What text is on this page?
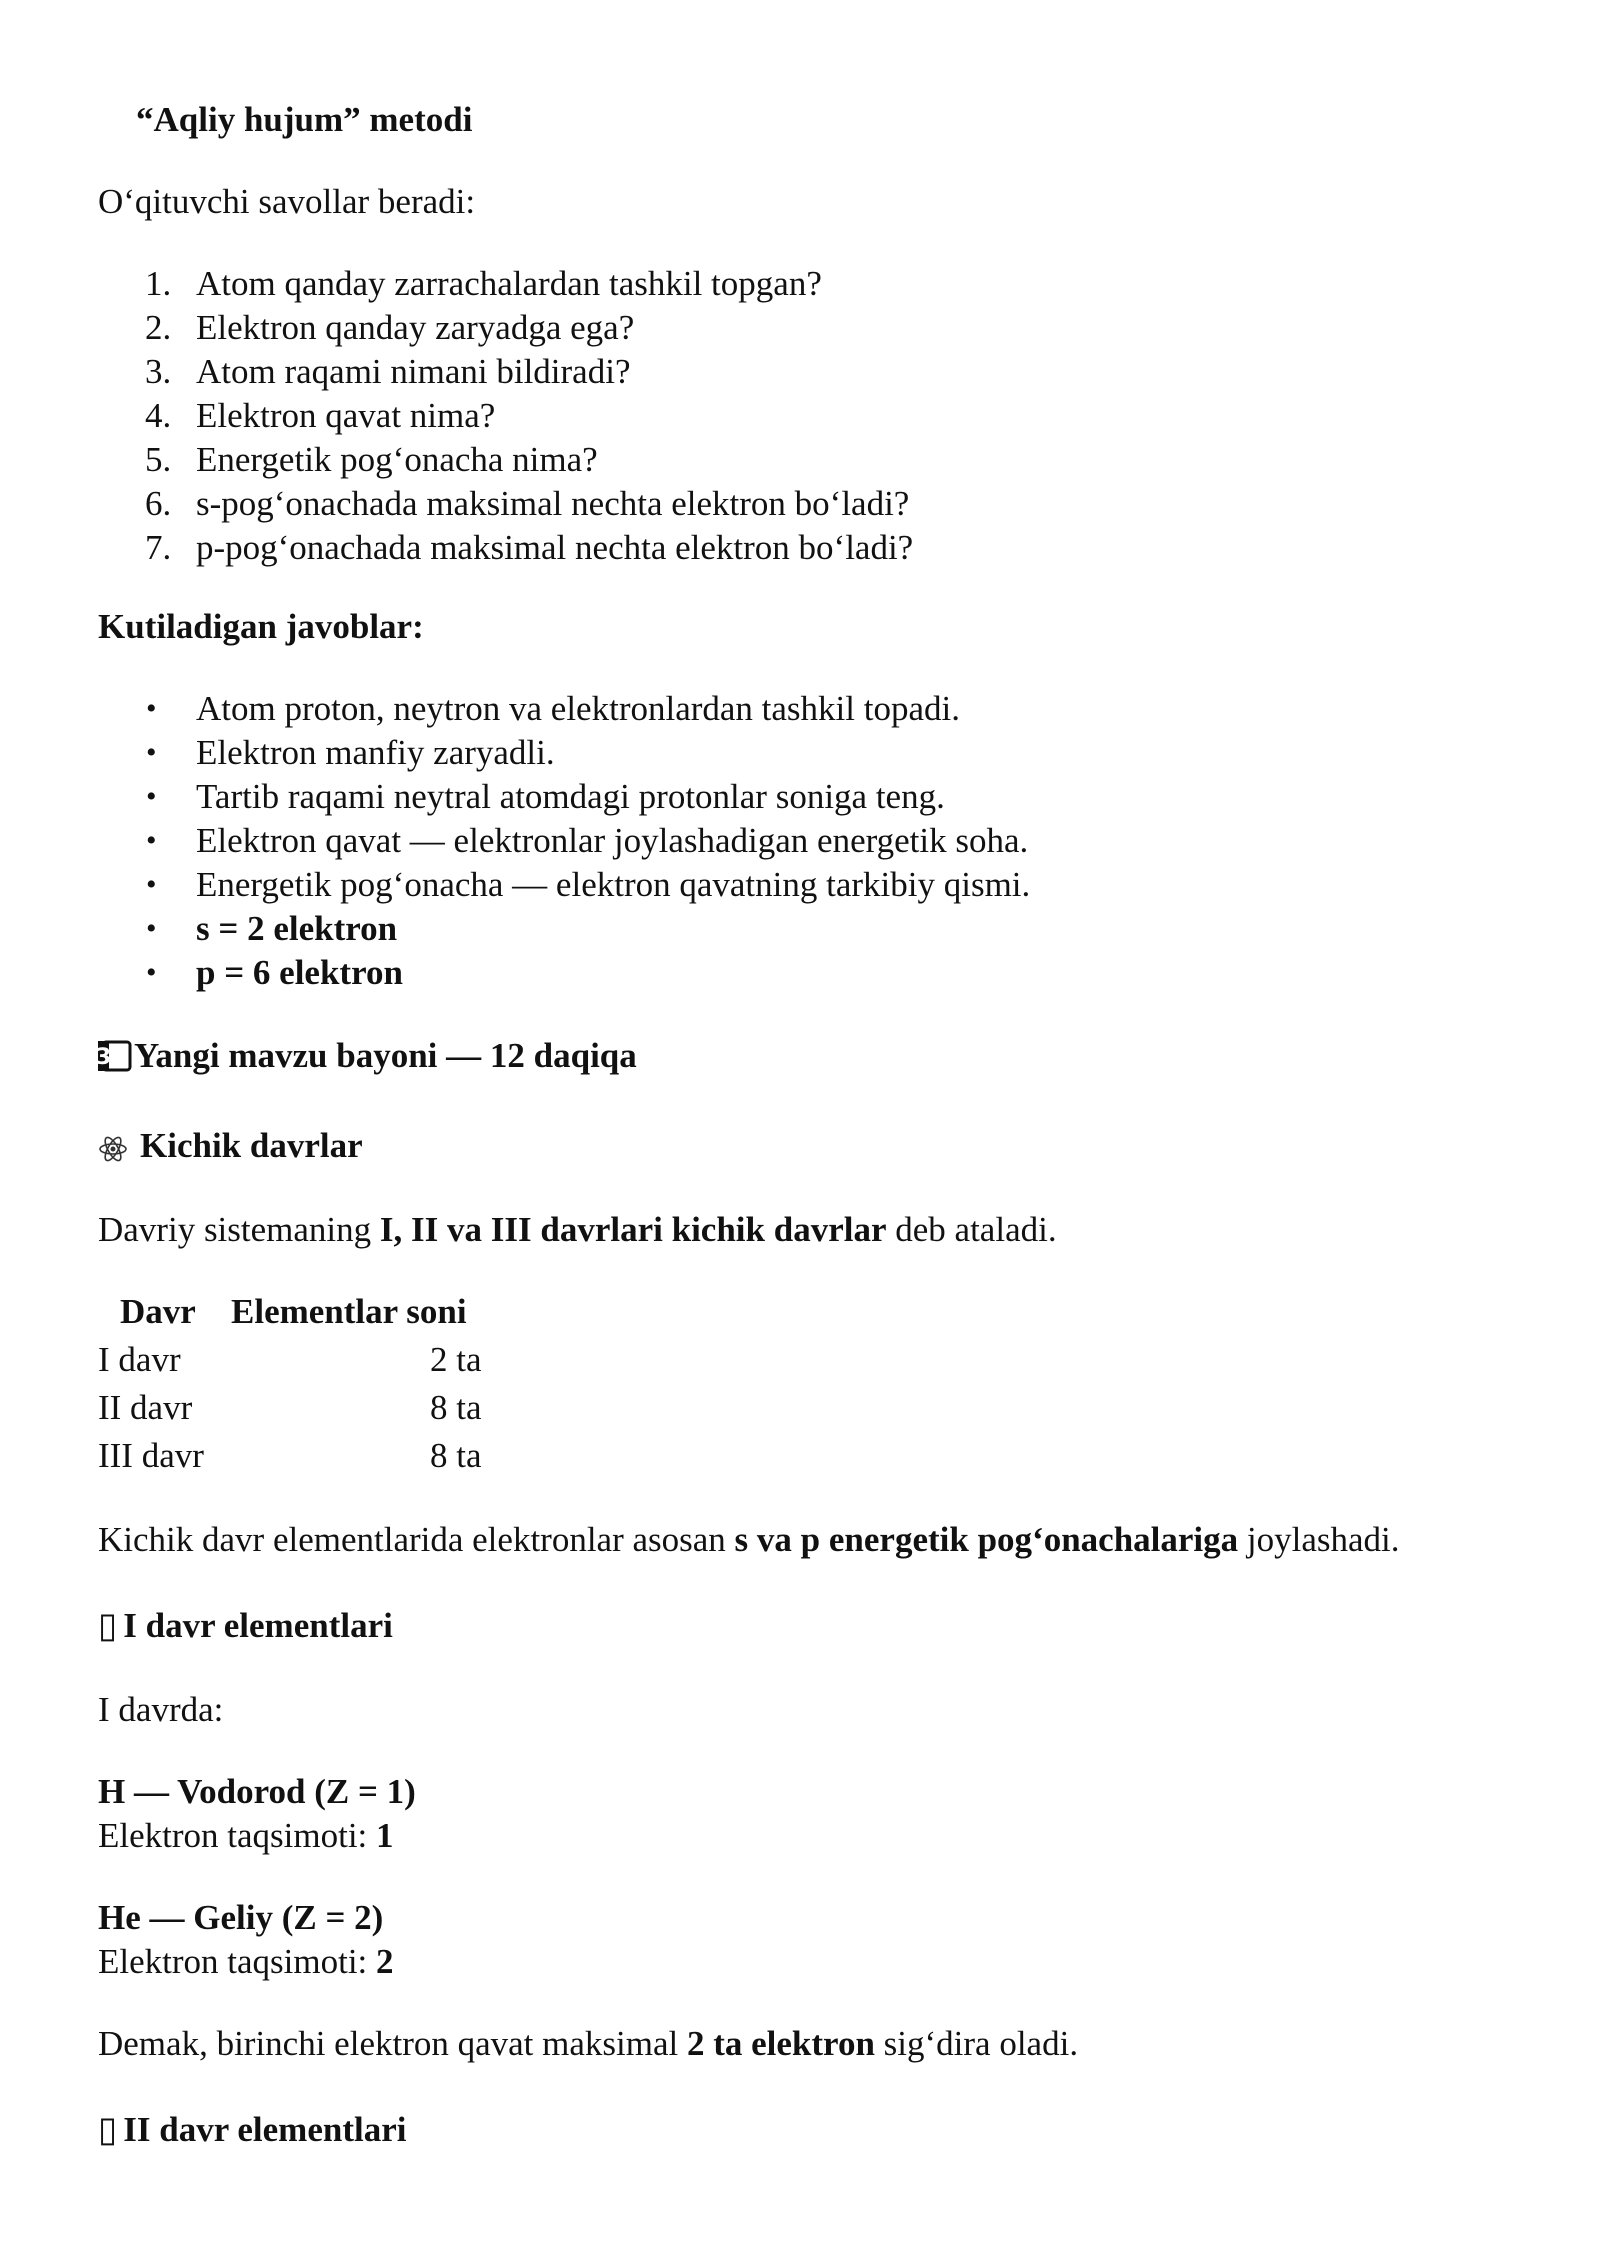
“Aqliy hujum” metodi
O‘qituvchi savollar beradi:
1. Atom qanday zarrachalardan tashkil topgan?
2. Elektron qanday zaryadga ega?
3. Atom raqami nimani bildiradi?
4. Elektron qavat nima?
5. Energetik pog‘onacha nima?
6. s-pog‘onachada maksimal nechta elektron bo‘ladi?
7. p-pog‘onachada maksimal nechta elektron bo‘ladi?
Kutiladigan javoblar:
• Atom proton, neytron va elektronlardan tashkil topadi.
• Elektron manfiy zaryadli.
• Tartib raqami neytral atomdagi protonlar soniga teng.
• Elektron qavat — elektronlar joylashadigan energetik soha.
• Energetik pog‘onacha — elektron qavatning tarkibiy qismi.
• s = 2 elektron
• p = 6 elektron
3 Yangi mavzu bayoni — 12 daqiqa
Kichik davrlar
Davriy sistemaning I, II va III davrlari kichik davrlar deb ataladi.
Davr Elementlar soni
I davr	2 ta
II davr	8 ta
III davr	8 ta
Kichik davr elementlarida elektronlar asosan s va p energetik pog‘onachalariga joylashadi.
▯ I davr elementlari
I davrda:
H — Vodorod (Z = 1)
Elektron taqsimoti: 1
He — Geliy (Z = 2)
Elektron taqsimoti: 2
Demak, birinchi elektron qavat maksimal 2 ta elektron sig‘dira oladi.
▯ II davr elementlari
